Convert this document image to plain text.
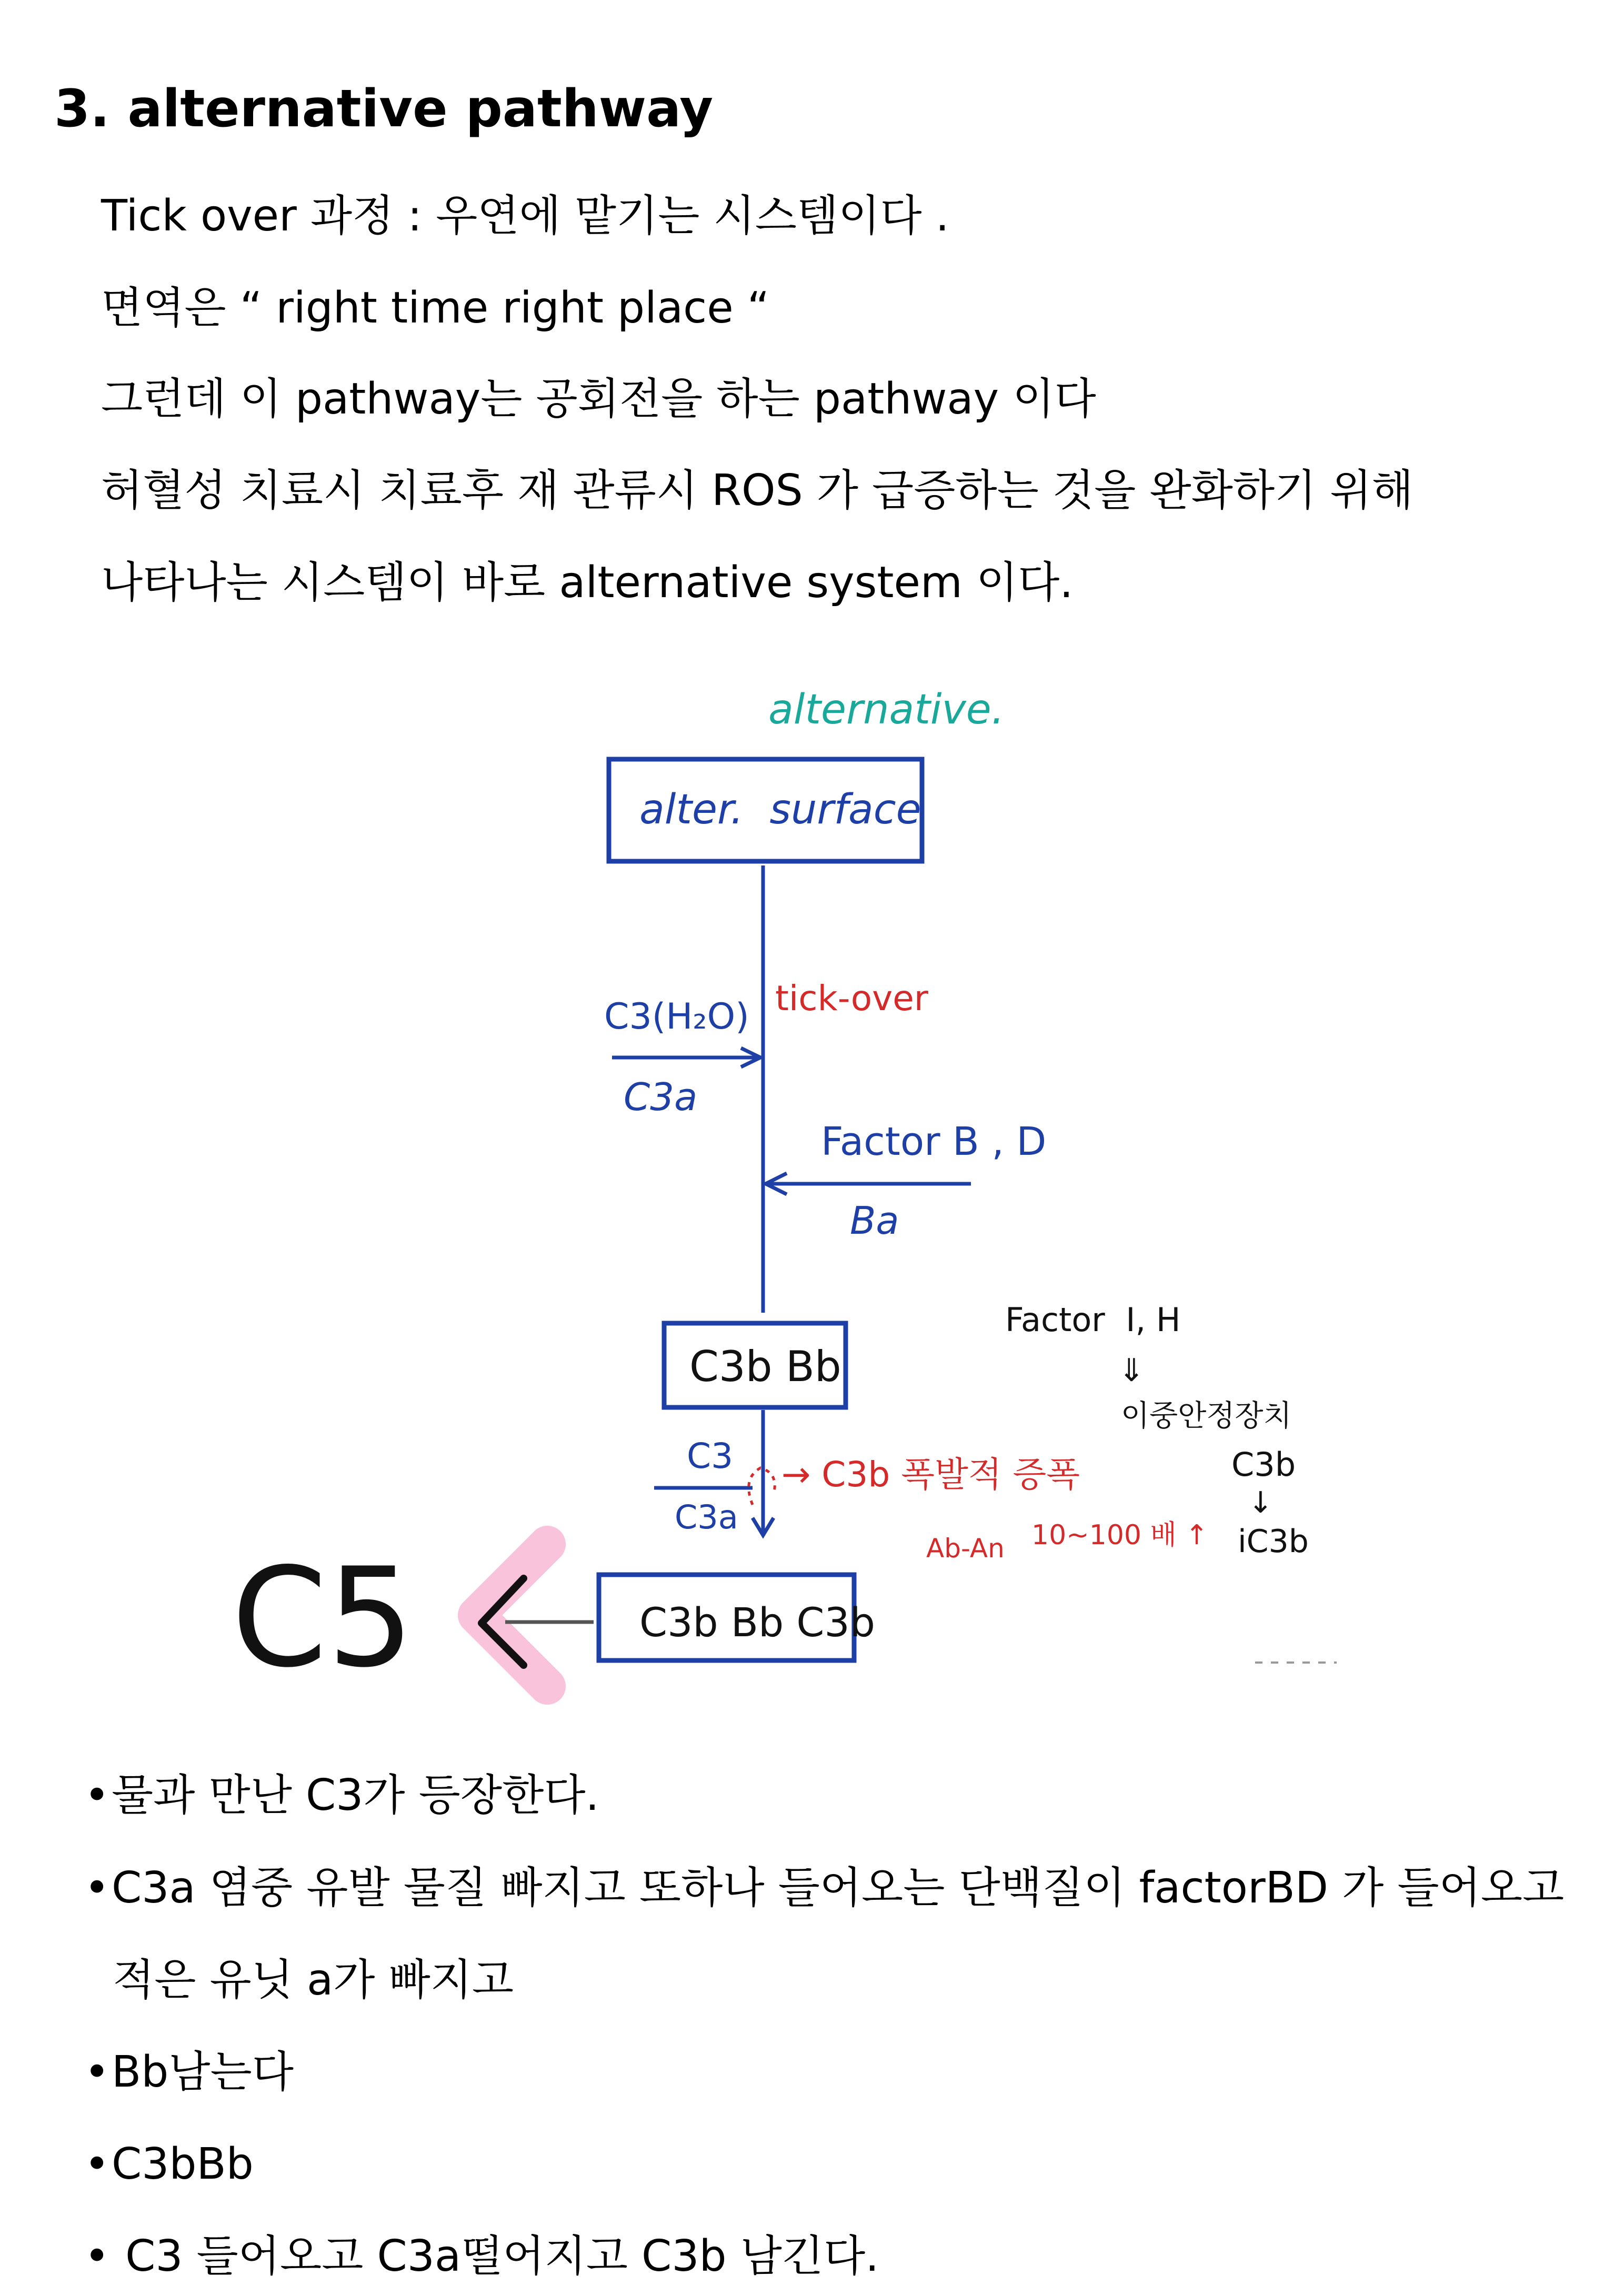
3. alternative pathway

Tick over 과정 : 우연에 맡기는 시스템이다 .

면역은 “ right time right place “

그런데 이 pathway는 공회전을 하는 pathway 이다

허혈성 치료시 치료후 재 관류시 ROS 가 급증하는 것을 완화하기 위해

나타나는 시스템이 바로 alternative system 이다.

alternative.
alter.  surface
C3(H₂O)
C3a
tick-over
Factor B , D
Ba
Factor  I, H
⇓
이중안정장치
C3b
↓
iC3b
C3b Bb
C3
C3a
→ C3b 폭발적 증폭
Ab-An 10~100 배 ↑
C3b Bb C3b
C5

•물과 만난 C3가 등장한다.

•C3a 염중 유발 물질 빠지고 또하나 들어오는 단백질이 factorBD 가 들어오고

적은 유닛 a가 빠지고

•Bb남는다

•C3bBb

• C3 들어오고 C3a떨어지고 C3b 남긴다.
